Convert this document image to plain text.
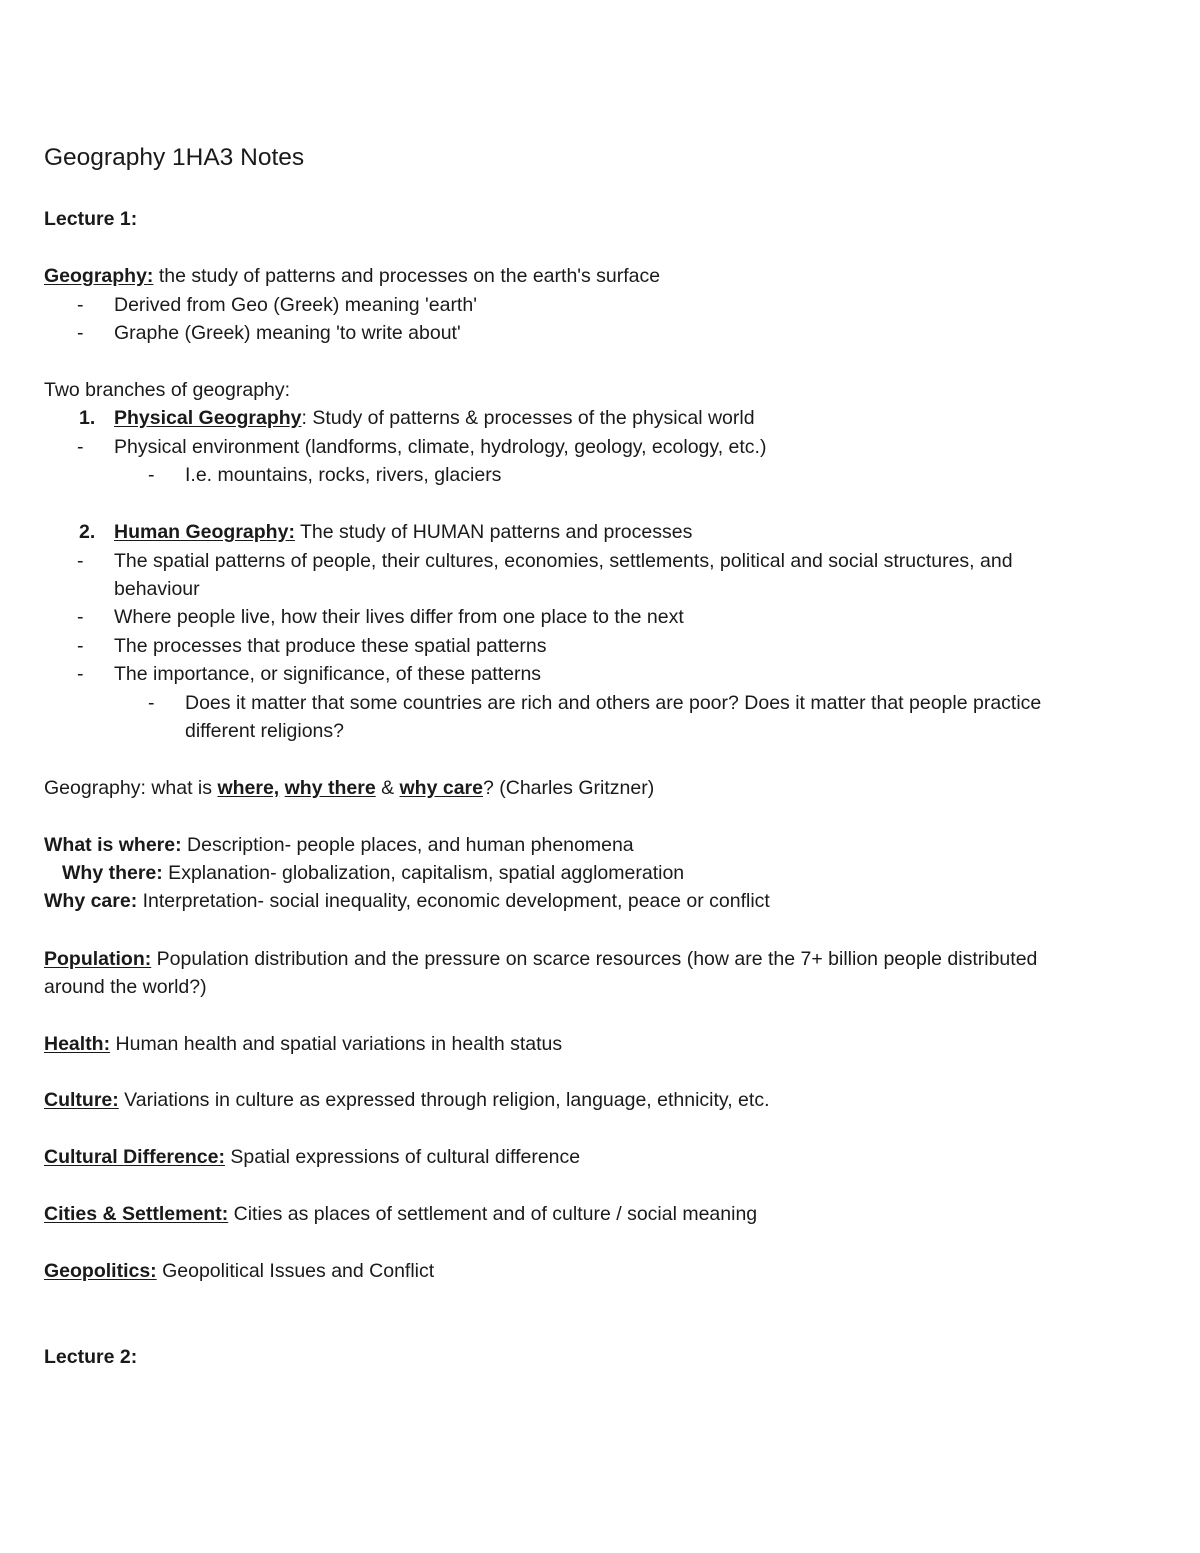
Geography 1HA3 Notes
Lecture 1:
Geography: the study of patterns and processes on the earth's surface
-	Derived from Geo (Greek) meaning 'earth'
-	Graphe (Greek) meaning 'to write about'
Two branches of geography:
1. Physical Geography: Study of patterns & processes of the physical world
-	Physical environment (landforms, climate, hydrology, geology, ecology, etc.)
-	I.e. mountains, rocks, rivers, glaciers
2. Human Geography: The study of HUMAN patterns and processes
-	The spatial patterns of people, their cultures, economies, settlements, political and social structures, and
behaviour
-	Where people live, how their lives differ from one place to the next
-	The processes that produce these spatial patterns
-	The importance, or significance, of these patterns
-	Does it matter that some countries are rich and others are poor? Does it matter that people practice
different religions?
Geography: what is where, why there & why care? (Charles Gritzner)
What is where: Description- people places, and human phenomena
Why there: Explanation- globalization, capitalism, spatial agglomeration
Why care: Interpretation- social inequality, economic development, peace or conflict
Population: Population distribution and the pressure on scarce resources (how are the 7+ billion people distributed
around the world?)
Health: Human health and spatial variations in health status
Culture: Variations in culture as expressed through religion, language, ethnicity, etc.
Cultural Difference: Spatial expressions of cultural difference
Cities & Settlement: Cities as places of settlement and of culture / social meaning
Geopolitics: Geopolitical Issues and Conflict
Lecture 2:
